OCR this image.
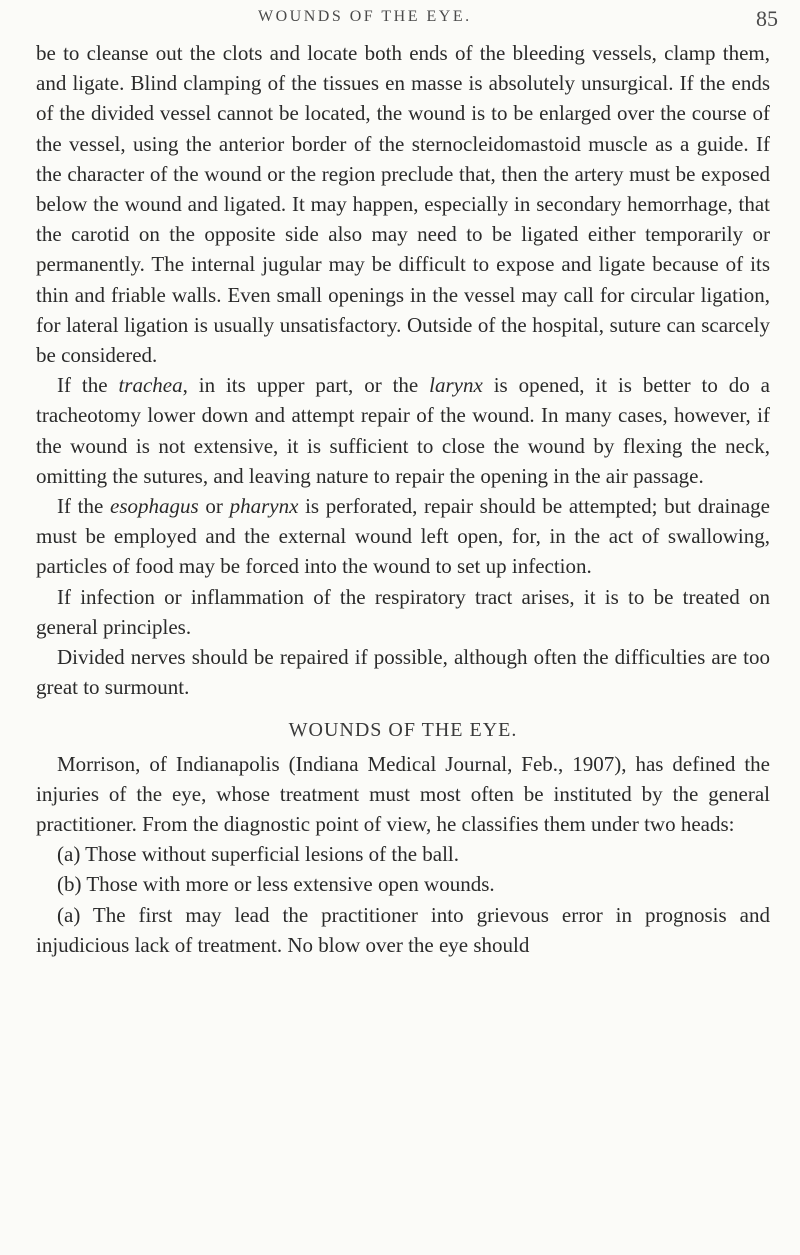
WOUNDS OF THE EYE.	85

be to cleanse out the clots and locate both ends of the bleeding vessels, clamp them, and ligate. Blind clamping of the tissues en masse is absolutely unsurgical. If the ends of the divided vessel cannot be located, the wound is to be enlarged over the course of the vessel, using the anterior border of the sternocleidomastoid muscle as a guide. If the character of the wound or the region preclude that, then the artery must be exposed below the wound and ligated. It may happen, especially in secondary hemorrhage, that the carotid on the opposite side also may need to be ligated either temporarily or permanently. The internal jugular may be difficult to expose and ligate because of its thin and friable walls. Even small openings in the vessel may call for circular ligation, for lateral ligation is usually unsatisfactory. Outside of the hospital, suture can scarcely be considered.

If the trachea, in its upper part, or the larynx is opened, it is better to do a tracheotomy lower down and attempt repair of the wound. In many cases, however, if the wound is not extensive, it is sufficient to close the wound by flexing the neck, omitting the sutures, and leaving nature to repair the opening in the air passage.

If the esophagus or pharynx is perforated, repair should be attempted; but drainage must be employed and the external wound left open, for, in the act of swallowing, particles of food may be forced into the wound to set up infection.

If infection or inflammation of the respiratory tract arises, it is to be treated on general principles.

Divided nerves should be repaired if possible, although often the difficulties are too great to surmount.

WOUNDS OF THE EYE.

Morrison, of Indianapolis (Indiana Medical Journal, Feb., 1907), has defined the injuries of the eye, whose treatment must most often be instituted by the general practitioner. From the diagnostic point of view, he classifies them under two heads:

(a) Those without superficial lesions of the ball.

(b) Those with more or less extensive open wounds.

(a) The first may lead the practitioner into grievous error in prognosis and injudicious lack of treatment. No blow over the eye should
